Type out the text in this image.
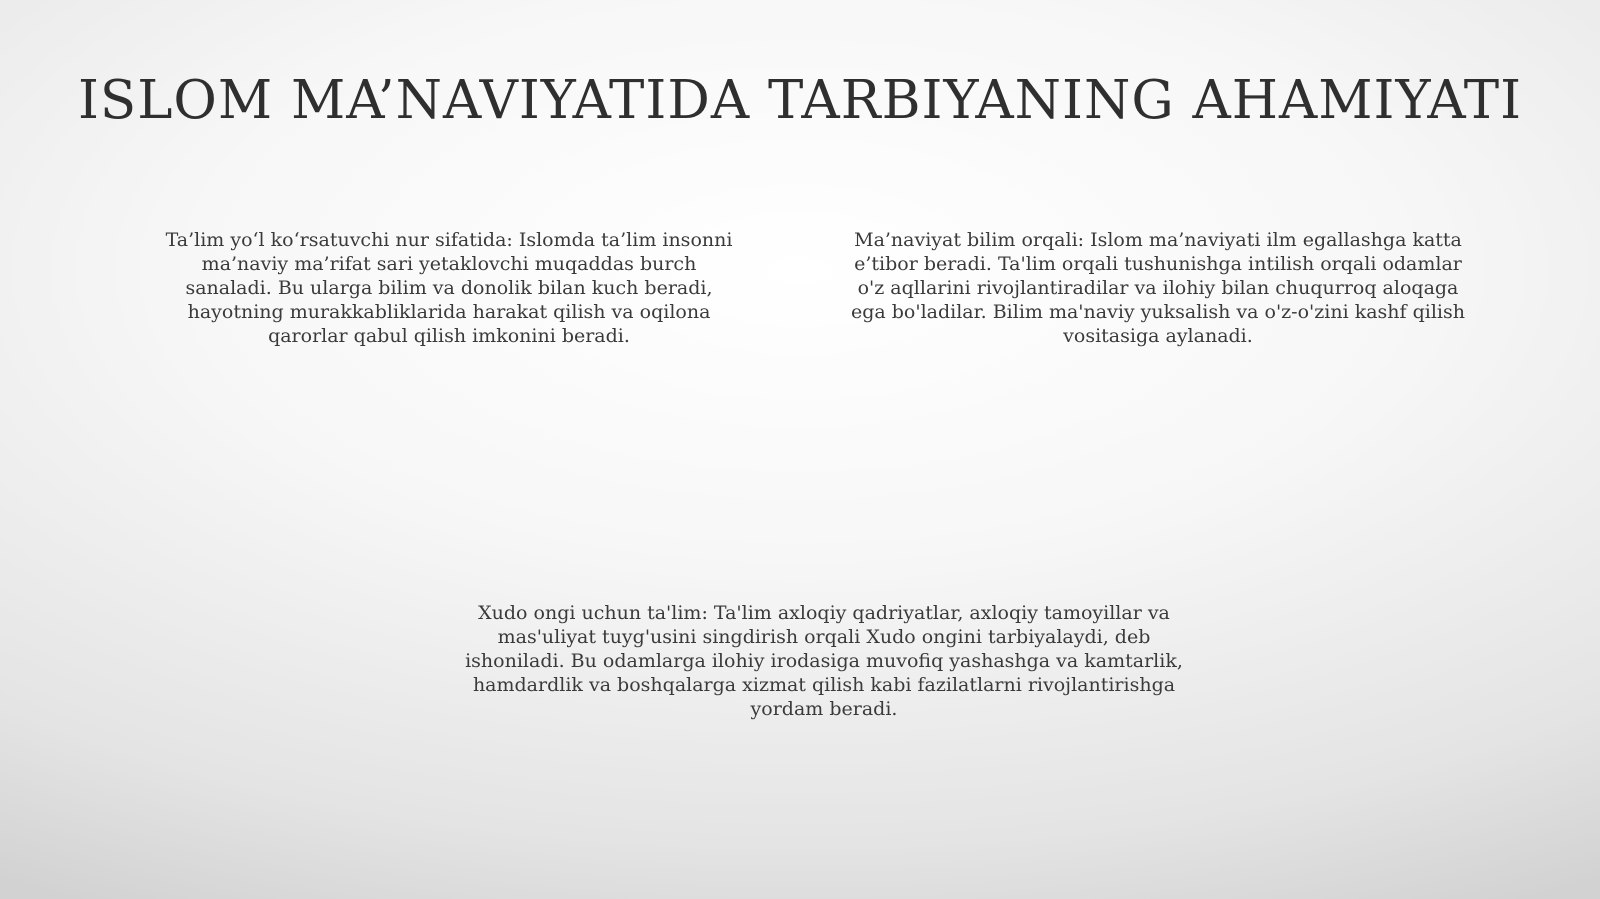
ISLOM MA’NAVIYATIDA TARBIYANING AHAMIYATI

Ta’lim yo‘l ko‘rsatuvchi nur sifatida: Islomda ta’lim insonni ma’naviy ma’rifat sari yetaklovchi muqaddas burch sanaladi. Bu ularga bilim va donolik bilan kuch beradi, hayotning murakkabliklarida harakat qilish va oqilona qarorlar qabul qilish imkonini beradi.

Ma’naviyat bilim orqali: Islom ma’naviyati ilm egallashga katta e’tibor beradi. Ta'lim orqali tushunishga intilish orqali odamlar o'z aqllarini rivojlantiradilar va ilohiy bilan chuqurroq aloqaga ega bo'ladilar. Bilim ma'naviy yuksalish va o'z-o'zini kashf qilish vositasiga aylanadi.

Xudo ongi uchun ta'lim: Ta'lim axloqiy qadriyatlar, axloqiy tamoyillar va mas'uliyat tuyg'usini singdirish orqali Xudo ongini tarbiyalaydi, deb ishoniladi. Bu odamlarga ilohiy irodasiga muvofiq yashashga va kamtarlik, hamdardlik va boshqalarga xizmat qilish kabi fazilatlarni rivojlantirishga yordam beradi.
